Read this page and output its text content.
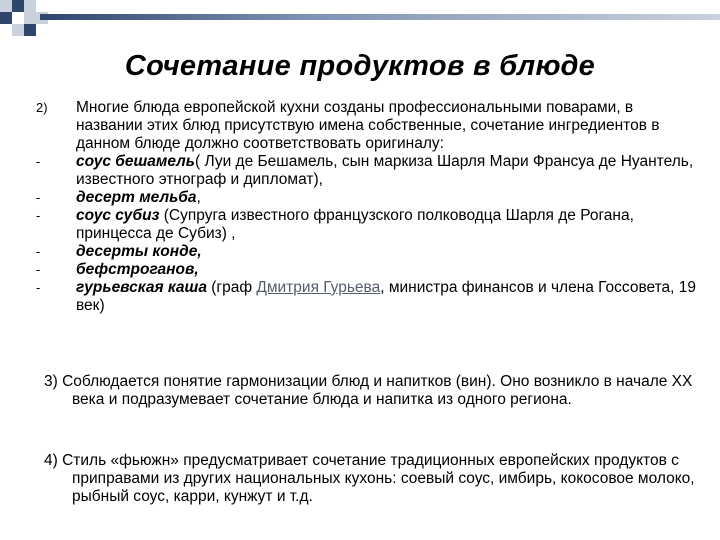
Сочетание продуктов в блюде
2)	Многие блюда европейской кухни созданы профессиональными поварами, в названии этих блюд присутствую имена собственные, сочетание ингредиентов в данном блюде должно соответствовать оригиналу:
-	соус бешамель( Луи де Бешамель, сын маркиза Шарля Мари Франсуа де Нуантель, известного этнограф и дипломат),
-	десерт мельба,
-	соус субиз (Супруга известного французского полководца Шарля де Рогана, принцесса де Субиз) ,
-	десерты конде,
-	бефстроганов,
-	гурьевская каша (граф Дмитрия Гурьева, министра финансов и члена Госсовета, 19 век)
3) Соблюдается понятие гармонизации блюд и напитков (вин). Оно возникло в начале XX века и подразумевает сочетание блюда и напитка из одного региона.
4) Стиль «фьюжн» предусматривает сочетание традиционных европейских продуктов с приправами из других национальных кухонь: соевый соус, имбирь, кокосовое молоко, рыбный соус, карри, кунжут и т.д.
